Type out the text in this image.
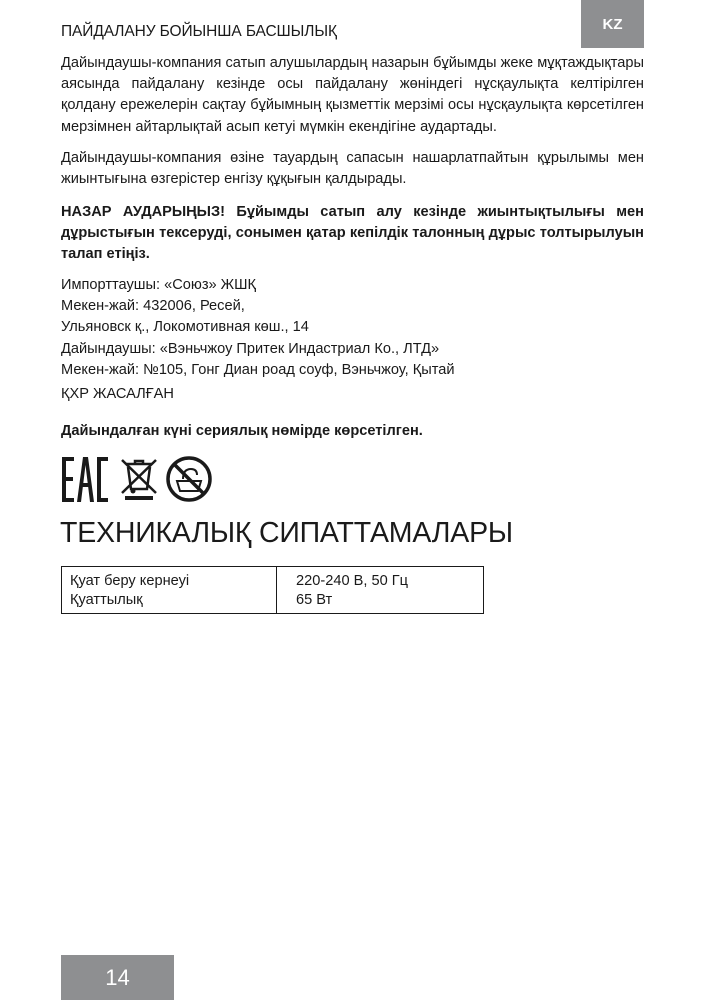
KZ
ПАЙДАЛАНУ БОЙЫНША БАСШЫЛЫҚ

Дайындаушы-компания сатып алушылардың назарын бұйымды жеке мұқтаждықтары аясында пайдалану кезінде осы пайдалану жөніндегі нұсқаулықта келтірілген қолдану ережелерін сақтау бұйымның қызметтік мерзімі осы нұсқаулықта көрсетілген мерзімнен айтарлықтай асып кетуі мүмкін екендігіне аудартады.

Дайындаушы-компания өзіне тауардың сапасын нашарлатпайтын құрылымы мен жиынтығына өзгерістер енгізу құқығын қалдырады.

НАЗАР АУДАРЫҢЫЗ! Бұйымды сатып алу кезінде жиынтықтылығы мен дұрыстығын тексеруді, сонымен қатар кепілдік талонның дұрыс толтырылуын талап етіңіз.

Импорттаушы: «Союз» ЖШҚ
Мекен-жай: 432006, Ресей,
Ульяновск қ., Локомотивная көш., 14
Дайындаушы: «Вэньчжоу Притек Индастриал Ко., ЛТД»
Мекен-жай: №105, Гонг Диан роад соуф, Вэньчжоу, Қытай
ҚХР ЖАСАЛҒАН
Дайындалған күні сериялық нөмірде көрсетілген.
ТЕХНИКАЛЫҚ СИПАТТАМАЛАРЫ
Қуат беру кернеуі
Қуаттылық
220-240 В, 50 Гц
65 Вт
14
